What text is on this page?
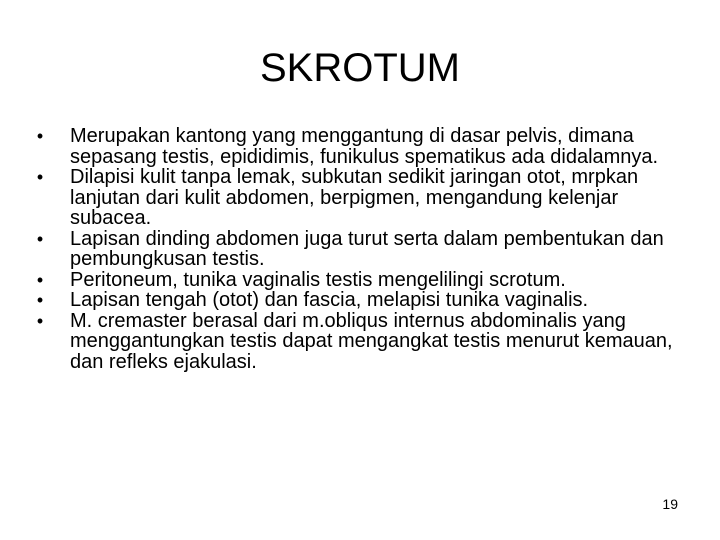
SKROTUM
•	Merupakan kantong yang menggantung di dasar pelvis, dimana sepasang testis, epididimis, funikulus spematikus ada didalamnya.
•	Dilapisi kulit tanpa lemak, subkutan sedikit jaringan otot, mrpkan lanjutan dari kulit abdomen, berpigmen, mengandung kelenjar subacea.
•	Lapisan dinding abdomen juga turut serta dalam pembentukan dan pembungkusan testis.
•	Peritoneum, tunika vaginalis testis mengelilingi scrotum.
•	Lapisan tengah (otot) dan fascia, melapisi tunika vaginalis.
•	M. cremaster berasal dari m.obliqus internus abdominalis yang menggantungkan testis dapat mengangkat testis menurut kemauan, dan refleks ejakulasi.
19
